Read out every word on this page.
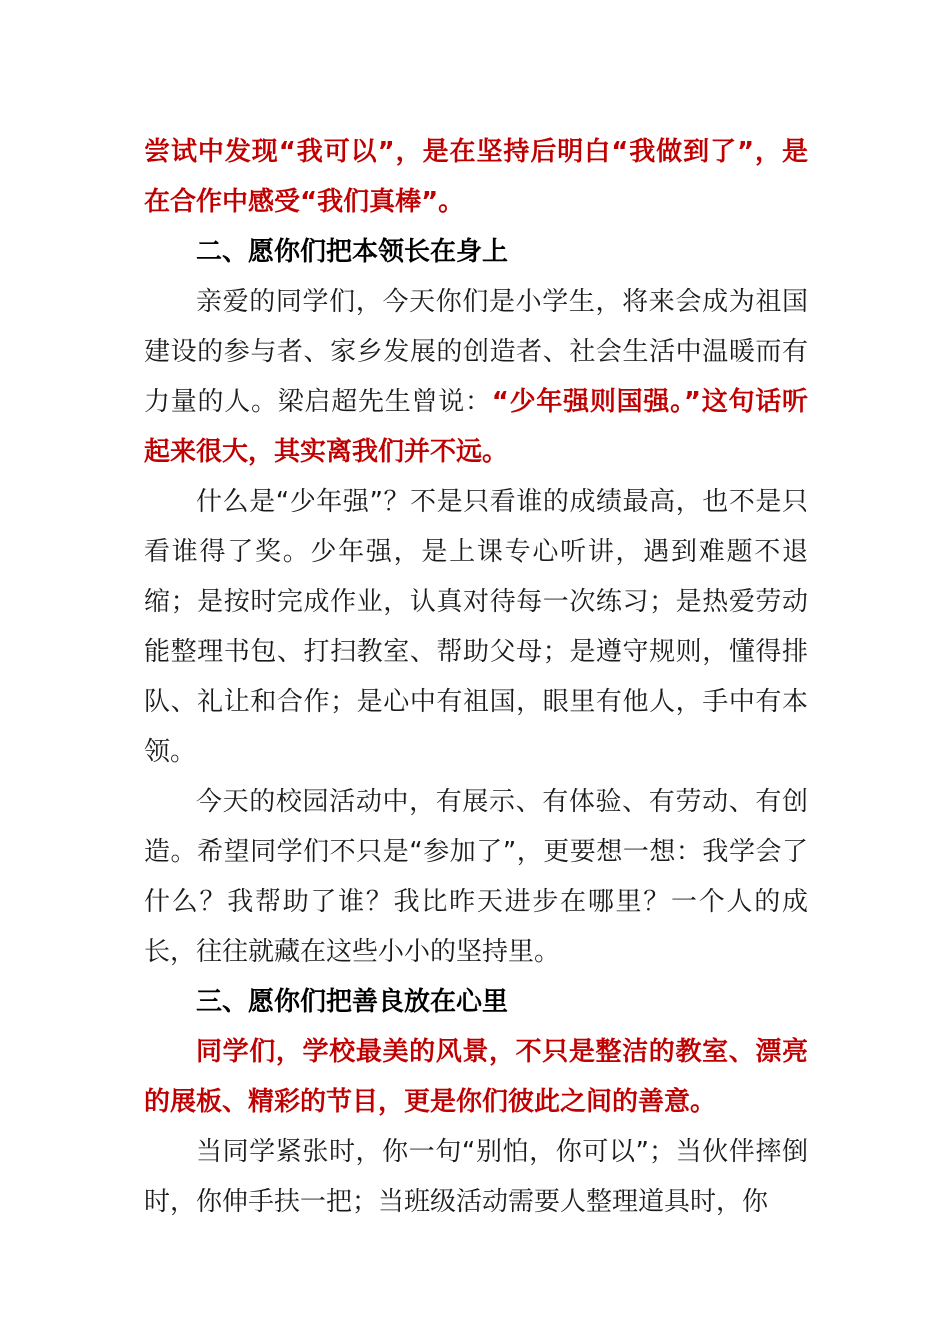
尝试中发现“我可以”，是在坚持后明白“我做到了”，是在合作中感受“我们真棒”。

二、愿你们把本领长在身上

亲爱的同学们，今天你们是小学生，将来会成为祖国建设的参与者、家乡发展的创造者、社会生活中温暖而有力量的人。梁启超先生曾说：“少年强则国强。”这句话听起来很大，其实离我们并不远。

什么是“少年强”？不是只看谁的成绩最高，也不是只看谁得了奖。少年强，是上课专心听讲，遇到难题不退缩；是按时完成作业，认真对待每一次练习；是热爱劳动能整理书包、打扫教室、帮助父母；是遵守规则，懂得排队、礼让和合作；是心中有祖国，眼里有他人，手中有本领。

今天的校园活动中，有展示、有体验、有劳动、有创造。希望同学们不只是“参加了”，更要想一想：我学会了什么？我帮助了谁？我比昨天进步在哪里？一个人的成长，往往就藏在这些小小的坚持里。

三、愿你们把善良放在心里

同学们，学校最美的风景，不只是整洁的教室、漂亮的展板、精彩的节目，更是你们彼此之间的善意。

当同学紧张时，你一句“别怕，你可以”；当伙伴摔倒时，你伸手扶一把；当班级活动需要人整理道具时，你
